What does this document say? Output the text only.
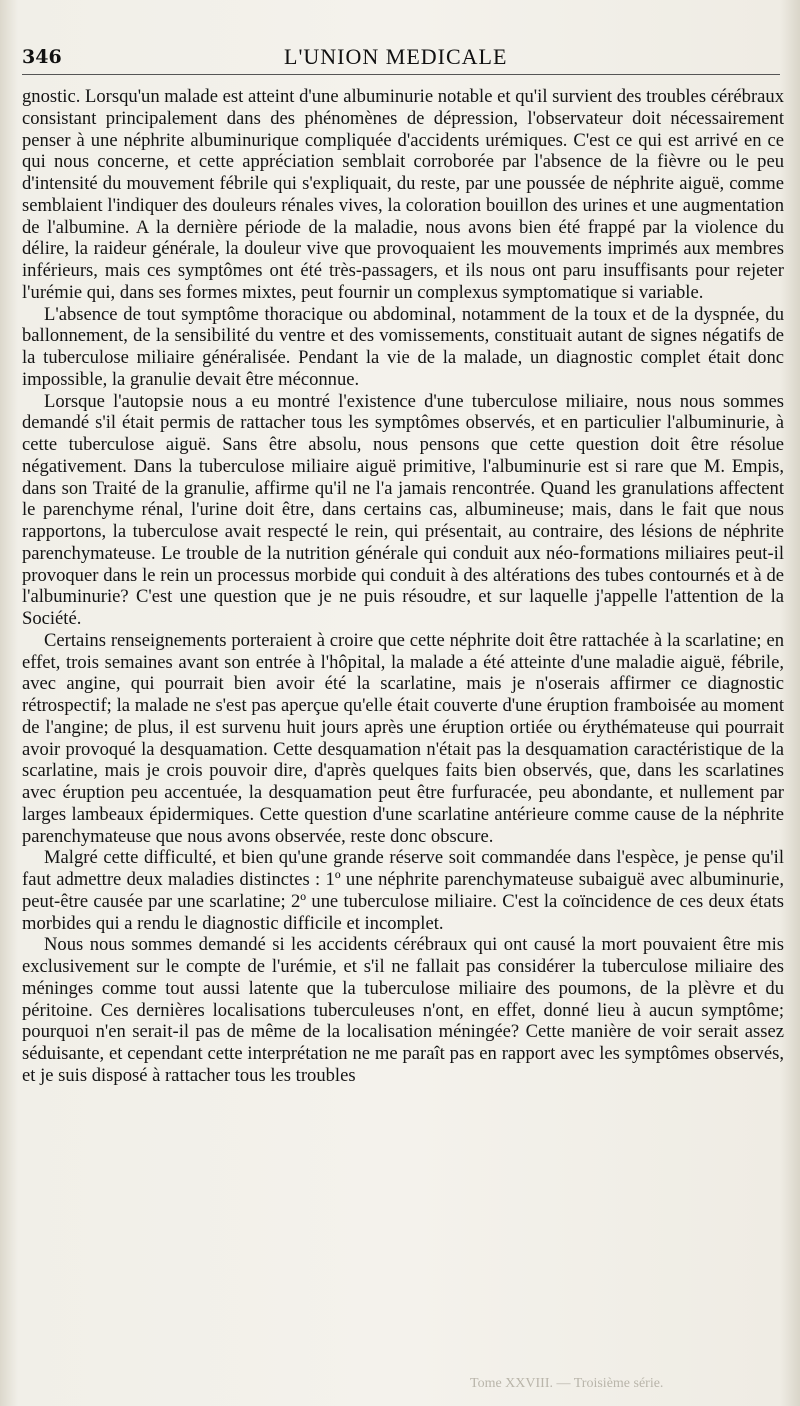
346	L'UNION MEDICALE

gnostic. Lorsqu'un malade est atteint d'une albuminurie notable et qu'il survient des troubles cérébraux consistant principalement dans des phénomènes de dépression, l'observateur doit nécessairement penser à une néphrite albuminurique compliquée d'accidents urémiques. C'est ce qui est arrivé en ce qui nous concerne, et cette appréciation semblait corroborée par l'absence de la fièvre ou le peu d'intensité du mouvement fébrile qui s'expliquait, du reste, par une poussée de néphrite aiguë, comme semblaient l'indiquer des douleurs rénales vives, la coloration bouillon des urines et une augmentation de l'albumine. A la dernière période de la maladie, nous avons bien été frappé par la violence du délire, la raideur générale, la douleur vive que provoquaient les mouvements imprimés aux membres inférieurs, mais ces symptômes ont été très-passagers, et ils nous ont paru insuffisants pour rejeter l'urémie qui, dans ses formes mixtes, peut fournir un complexus symptomatique si variable.

L'absence de tout symptôme thoracique ou abdominal, notamment de la toux et de la dyspnée, du ballonnement, de la sensibilité du ventre et des vomissements, constituait autant de signes négatifs de la tuberculose miliaire généralisée. Pendant la vie de la malade, un diagnostic complet était donc impossible, la granulie devait être méconnue.

Lorsque l'autopsie nous a eu montré l'existence d'une tuberculose miliaire, nous nous sommes demandé s'il était permis de rattacher tous les symptômes observés, et en particulier l'albuminurie, à cette tuberculose aiguë. Sans être absolu, nous pensons que cette question doit être résolue négativement. Dans la tuberculose miliaire aiguë primitive, l'albuminurie est si rare que M. Empis, dans son Traité de la granulie, affirme qu'il ne l'a jamais rencontrée. Quand les granulations affectent le parenchyme rénal, l'urine doit être, dans certains cas, albumineuse; mais, dans le fait que nous rapportons, la tuberculose avait respecté le rein, qui présentait, au contraire, des lésions de néphrite parenchymateuse. Le trouble de la nutrition générale qui conduit aux néo-formations miliaires peut-il provoquer dans le rein un processus morbide qui conduit à des altérations des tubes contournés et à de l'albuminurie? C'est une question que je ne puis résoudre, et sur laquelle j'appelle l'attention de la Société.

Certains renseignements porteraient à croire que cette néphrite doit être rattachée à la scarlatine; en effet, trois semaines avant son entrée à l'hôpital, la malade a été atteinte d'une maladie aiguë, fébrile, avec angine, qui pourrait bien avoir été la scarlatine, mais je n'oserais affirmer ce diagnostic rétrospectif; la malade ne s'est pas aperçue qu'elle était couverte d'une éruption framboisée au moment de l'angine; de plus, il est survenu huit jours après une éruption ortiée ou érythémateuse qui pourrait avoir provoqué la desquamation. Cette desquamation n'était pas la desquamation caractéristique de la scarlatine, mais je crois pouvoir dire, d'après quelques faits bien observés, que, dans les scarlatines avec éruption peu accentuée, la desquamation peut être furfuracée, peu abondante, et nullement par larges lambeaux épidermiques. Cette question d'une scarlatine antérieure comme cause de la néphrite parenchymateuse que nous avons observée, reste donc obscure.

Malgré cette difficulté, et bien qu'une grande réserve soit commandée dans l'espèce, je pense qu'il faut admettre deux maladies distinctes : 1º une néphrite parenchymateuse subaiguë avec albuminurie, peut-être causée par une scarlatine; 2º une tuberculose miliaire. C'est la coïncidence de ces deux états morbides qui a rendu le diagnostic difficile et incomplet.

Nous nous sommes demandé si les accidents cérébraux qui ont causé la mort pouvaient être mis exclusivement sur le compte de l'urémie, et s'il ne fallait pas considérer la tuberculose miliaire des méninges comme tout aussi latente que la tuberculose miliaire des poumons, de la plèvre et du péritoine. Ces dernières localisations tuberculeuses n'ont, en effet, donné lieu à aucun symptôme; pourquoi n'en serait-il pas de même de la localisation méningée? Cette manière de voir serait assez séduisante, et cependant cette interprétation ne me paraît pas en rapport avec les symptômes observés, et je suis disposé à rattacher tous les troubles

Tome XXVIII. — Troisième série.
